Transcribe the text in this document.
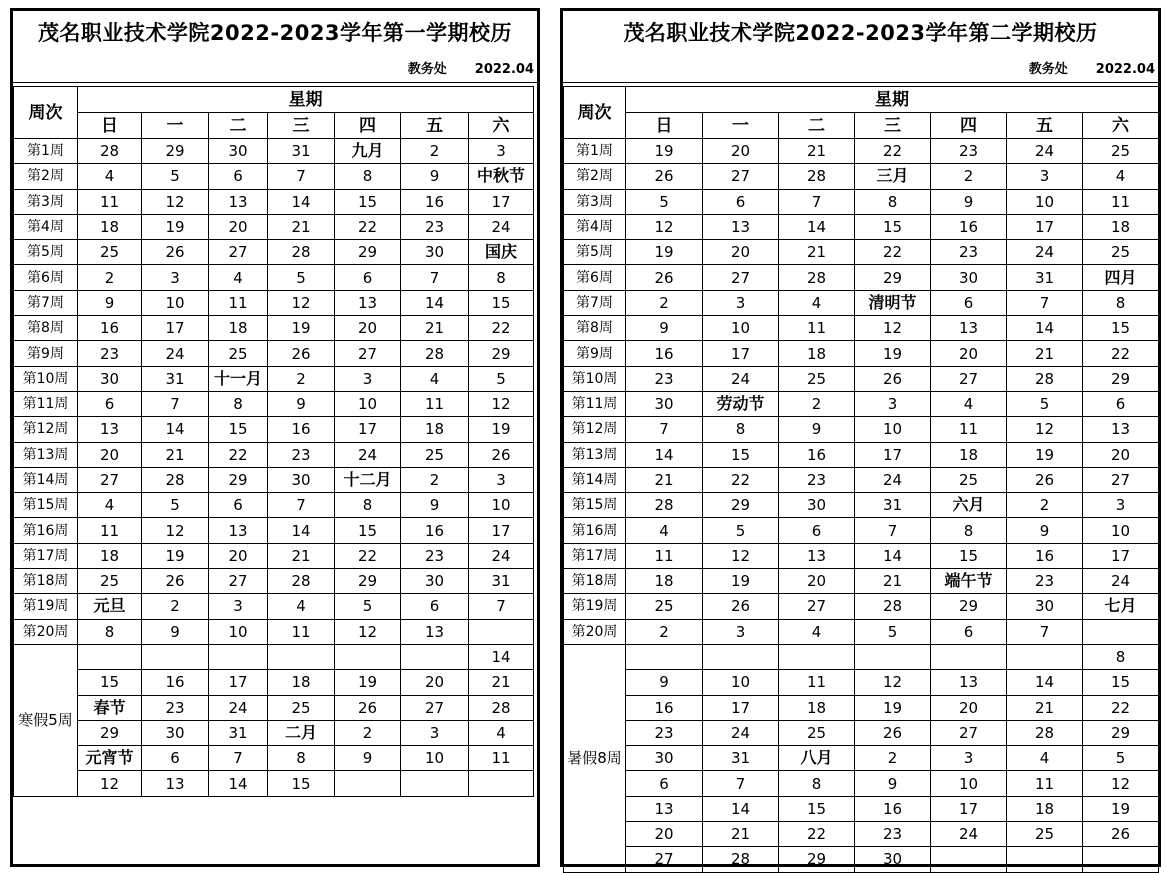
茂名职业技术学院2022-2023学年第一学期校历
教务处 2022.04
周次	星期						
	日	一	二	三	四	五	六
第1周	28	29	30	31	九月	2	3
第2周	4	5	6	7	8	9	中秋节
第3周	11	12	13	14	15	16	17
第4周	18	19	20	21	22	23	24
第5周	25	26	27	28	29	30	国庆
第6周	2	3	4	5	6	7	8
第7周	9	10	11	12	13	14	15
第8周	16	17	18	19	20	21	22
第9周	23	24	25	26	27	28	29
第10周	30	31	十一月	2	3	4	5
第11周	6	7	8	9	10	11	12
第12周	13	14	15	16	17	18	19
第13周	20	21	22	23	24	25	26
第14周	27	28	29	30	十二月	2	3
第15周	4	5	6	7	8	9	10
第16周	11	12	13	14	15	16	17
第17周	18	19	20	21	22	23	24
第18周	25	26	27	28	29	30	31
第19周	元旦	2	3	4	5	6	7
第20周	8	9	10	11	12	13	
寒假5周							14
	15	16	17	18	19	20	21
	春节	23	24	25	26	27	28
	29	30	31	二月	2	3	4
	元宵节	6	7	8	9	10	11
	12	13	14	15			
茂名职业技术学院2022-2023学年第二学期校历
教务处 2022.04
周次	星期						
	日	一	二	三	四	五	六
第1周	19	20	21	22	23	24	25
第2周	26	27	28	三月	2	3	4
第3周	5	6	7	8	9	10	11
第4周	12	13	14	15	16	17	18
第5周	19	20	21	22	23	24	25
第6周	26	27	28	29	30	31	四月
第7周	2	3	4	清明节	6	7	8
第8周	9	10	11	12	13	14	15
第9周	16	17	18	19	20	21	22
第10周	23	24	25	26	27	28	29
第11周	30	劳动节	2	3	4	5	6
第12周	7	8	9	10	11	12	13
第13周	14	15	16	17	18	19	20
第14周	21	22	23	24	25	26	27
第15周	28	29	30	31	六月	2	3
第16周	4	5	6	7	8	9	10
第17周	11	12	13	14	15	16	17
第18周	18	19	20	21	端午节	23	24
第19周	25	26	27	28	29	30	七月
第20周	2	3	4	5	6	7	
暑假8周							8
	9	10	11	12	13	14	15
	16	17	18	19	20	21	22
	23	24	25	26	27	28	29
	30	31	八月	2	3	4	5
	6	7	8	9	10	11	12
	13	14	15	16	17	18	19
	20	21	22	23	24	25	26
	27	28	29	30			
